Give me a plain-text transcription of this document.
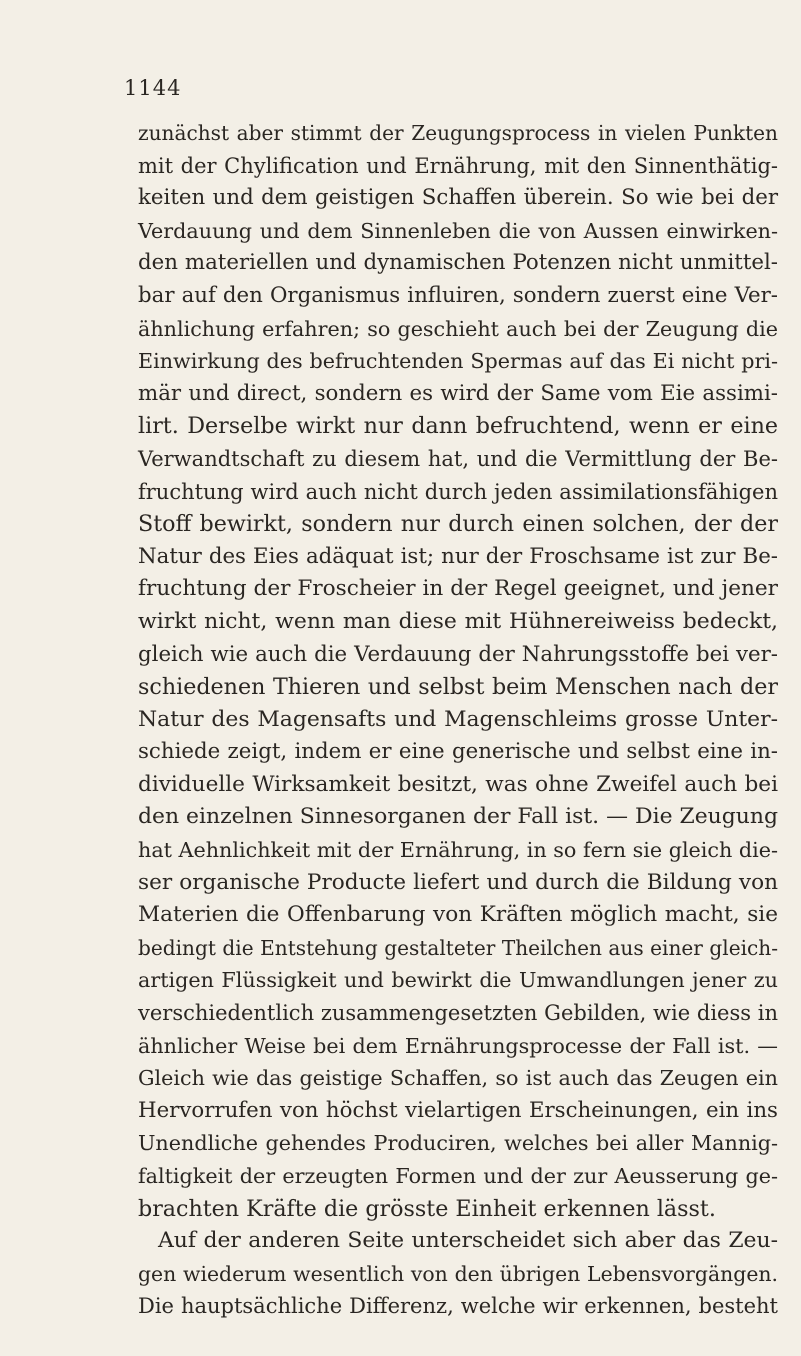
1144
zunächst aber stimmt der Zeugungsprocess in vielen Punkten
mit der Chylification und Ernährung, mit den Sinnenthätig-
keiten und dem geistigen Schaffen überein. So wie bei der
Verdauung und dem Sinnenleben die von Aussen einwirken-
den materiellen und dynamischen Potenzen nicht unmittel-
bar auf den Organismus influiren, sondern zuerst eine Ver-
ähnlichung erfahren; so geschieht auch bei der Zeugung die
Einwirkung des befruchtenden Spermas auf das Ei nicht pri-
mär und direct, sondern es wird der Same vom Eie assimi-
lirt. Derselbe wirkt nur dann befruchtend, wenn er eine
Verwandtschaft zu diesem hat, und die Vermittlung der Be-
fruchtung wird auch nicht durch jeden assimilationsfähigen
Stoff bewirkt, sondern nur durch einen solchen, der der
Natur des Eies adäquat ist; nur der Froschsame ist zur Be-
fruchtung der Froscheier in der Regel geeignet, und jener
wirkt nicht, wenn man diese mit Hühnereiweiss bedeckt,
gleich wie auch die Verdauung der Nahrungsstoffe bei ver-
schiedenen Thieren und selbst beim Menschen nach der
Natur des Magensafts und Magenschleims grosse Unter-
schiede zeigt, indem er eine generische und selbst eine in-
dividuelle Wirksamkeit besitzt, was ohne Zweifel auch bei
den einzelnen Sinnesorganen der Fall ist. — Die Zeugung
hat Aehnlichkeit mit der Ernährung, in so fern sie gleich die-
ser organische Producte liefert und durch die Bildung von
Materien die Offenbarung von Kräften möglich macht, sie
bedingt die Entstehung gestalteter Theilchen aus einer gleich-
artigen Flüssigkeit und bewirkt die Umwandlungen jener zu
verschiedentlich zusammengesetzten Gebilden, wie diess in
ähnlicher Weise bei dem Ernährungsprocesse der Fall ist. —
Gleich wie das geistige Schaffen, so ist auch das Zeugen ein
Hervorrufen von höchst vielartigen Erscheinungen, ein ins
Unendliche gehendes Produciren, welches bei aller Mannig-
faltigkeit der erzeugten Formen und der zur Aeusserung ge-
brachten Kräfte die grösste Einheit erkennen lässt.
Auf der anderen Seite unterscheidet sich aber das Zeu-
gen wiederum wesentlich von den übrigen Lebensvorgängen.
Die hauptsächliche Differenz, welche wir erkennen, besteht
